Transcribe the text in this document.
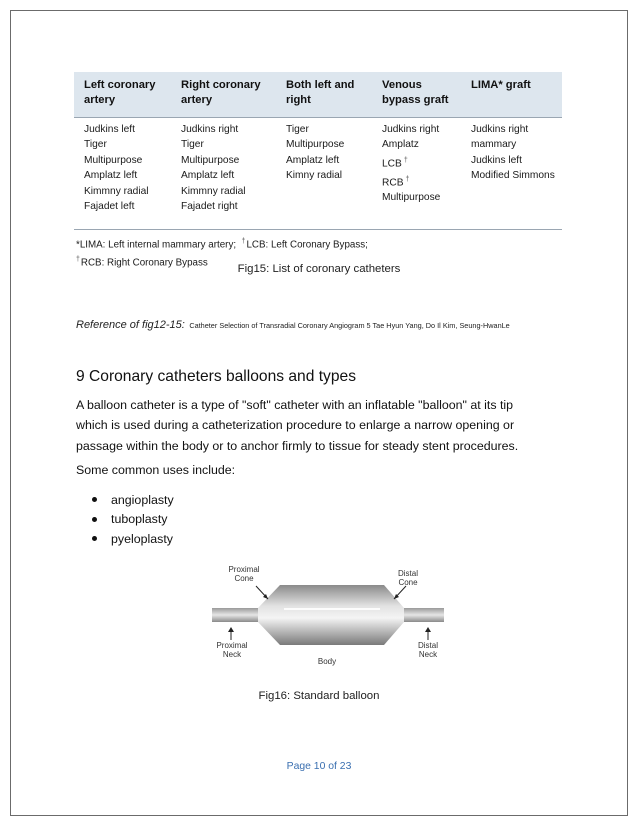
Left coronary
artery
Right coronary
artery
Both left and
right
Venous
bypass graft
LIMA* graft
Judkins left
Tiger
Multipurpose
Amplatz left
Kimmny radial
Fajadet left
Judkins right
Tiger
Multipurpose
Amplatz left
Kimmny radial
Fajadet right
Tiger
Multipurpose
Amplatz left
Kimny radial
Judkins right
Amplatz
LCB †
RCB †
Multipurpose
Judkins right
mammary
Judkins left
Modified Simmons
*LIMA: Left internal mammary artery; †LCB: Left Coronary Bypass;
†RCB: Right Coronary Bypass	Fig15: List of coronary catheters
Reference of fig12-15: Catheter Selection of Transradial Coronary Angiogram 5 Tae Hyun Yang, Do Il Kim, Seung-HwanLe
9 Coronary catheters balloons and types
A balloon catheter is a type of "soft" catheter with an inflatable "balloon" at its tip
which is used during a catheterization procedure to enlarge a narrow opening or
passage within the body or to anchor firmly to tissue for steady stent procedures.
Some common uses include:
angioplasty
tuboplasty
pyeloplasty
Proximal
Cone
Distal
Cone
Proximal
Neck
Distal
Neck
Body
Fig16: Standard balloon
Page 10 of 23
